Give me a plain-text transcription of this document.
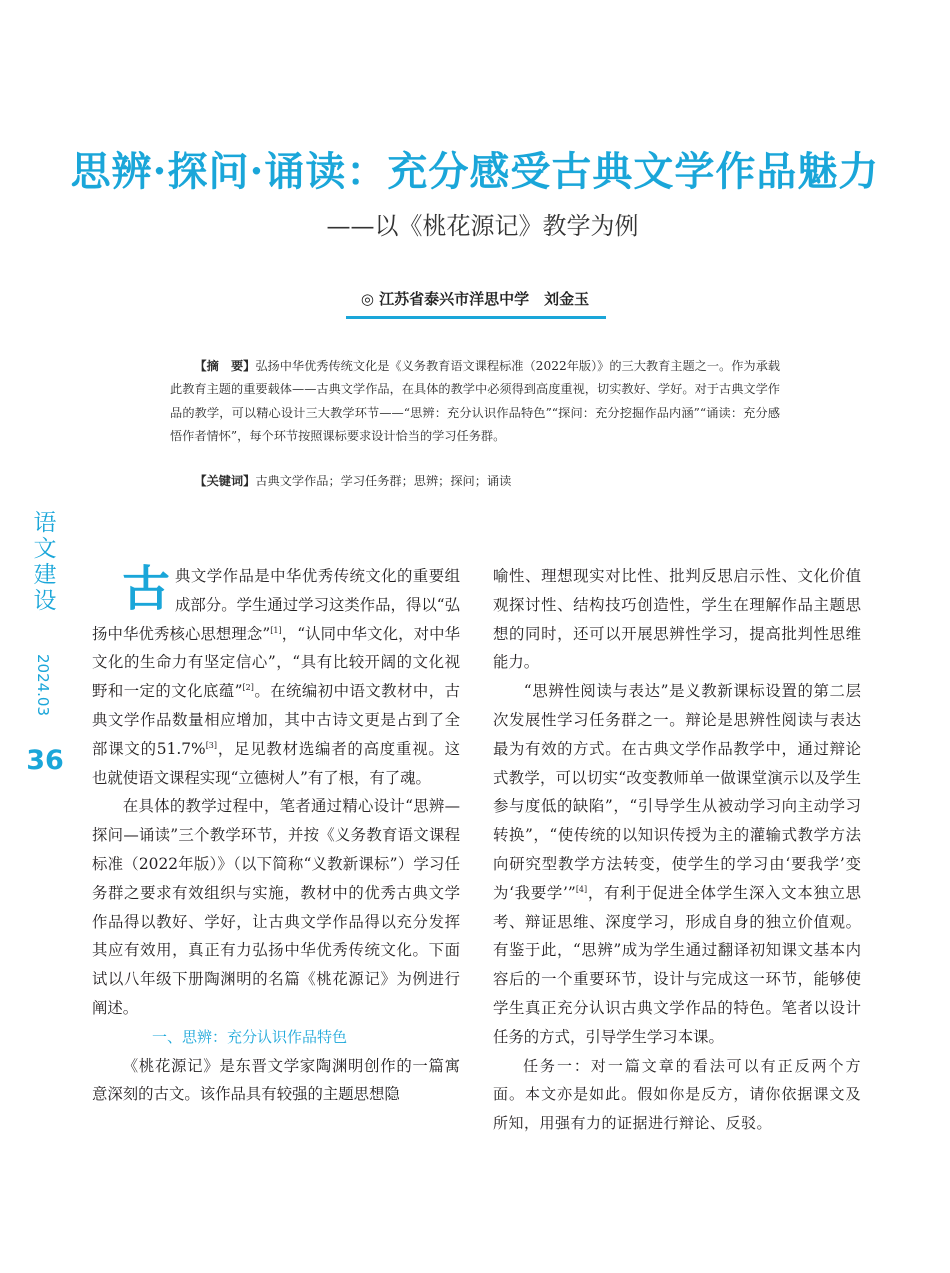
思辨·探问·诵读：充分感受古典文学作品魅力
——以《桃花源记》教学为例
◎ 江苏省泰兴市洋思中学　刘金玉

【摘　要】弘扬中华优秀传统文化是《义务教育语文课程标准（2022年版）》的三大教育主题之一。作为承载此教育主题的重要载体——古典文学作品，在具体的教学中必须得到高度重视，切实教好、学好。对于古典文学作品的教学，可以精心设计三大教学环节——“思辨：充分认识作品特色”“探问：充分挖掘作品内涵”“诵读：充分感悟作者情怀”，每个环节按照课标要求设计恰当的学习任务群。

【关键词】古典文学作品；学习任务群；思辨；探问；诵读
语
文
建
设
2024.03
36

古典文学作品是中华优秀传统文化的重要组成部分。学生通过学习这类作品，得以“弘扬中华优秀核心思想理念”[1]，“认同中华文化，对中华文化的生命力有坚定信心”，“具有比较开阔的文化视野和一定的文化底蕴”[2]。在统编初中语文教材中，古典文学作品数量相应增加，其中古诗文更是占到了全部课文的51.7%[3]，足见教材选编者的高度重视。这也就使语文课程实现“立德树人”有了根，有了魂。

在具体的教学过程中，笔者通过精心设计“思辨—探问—诵读”三个教学环节，并按《义务教育语文课程标准（2022年版）》（以下简称“义教新课标”）学习任务群之要求有效组织与实施，教材中的优秀古典文学作品得以教好、学好，让古典文学作品得以充分发挥其应有效用，真正有力弘扬中华优秀传统文化。下面试以八年级下册陶渊明的名篇《桃花源记》为例进行阐述。

一、思辨：充分认识作品特色

《桃花源记》是东晋文学家陶渊明创作的一篇寓意深刻的古文。该作品具有较强的主题思想隐

喻性、理想现实对比性、批判反思启示性、文化价值观探讨性、结构技巧创造性，学生在理解作品主题思想的同时，还可以开展思辨性学习，提高批判性思维能力。

“思辨性阅读与表达”是义教新课标设置的第二层次发展性学习任务群之一。辩论是思辨性阅读与表达最为有效的方式。在古典文学作品教学中，通过辩论式教学，可以切实“改变教师单一做课堂演示以及学生参与度低的缺陷”，“引导学生从被动学习向主动学习转换”，“使传统的以知识传授为主的灌输式教学方法向研究型教学方法转变，使学生的学习由‘要我学’变为‘我要学’”[4]，有利于促进全体学生深入文本独立思考、辩证思维、深度学习，形成自身的独立价值观。有鉴于此，“思辨”成为学生通过翻译初知课文基本内容后的一个重要环节，设计与完成这一环节，能够使学生真正充分认识古典文学作品的特色。笔者以设计任务的方式，引导学生学习本课。

任务一：对一篇文章的看法可以有正反两个方面。本文亦是如此。假如你是反方，请你依据课文及所知，用强有力的证据进行辩论、反驳。
